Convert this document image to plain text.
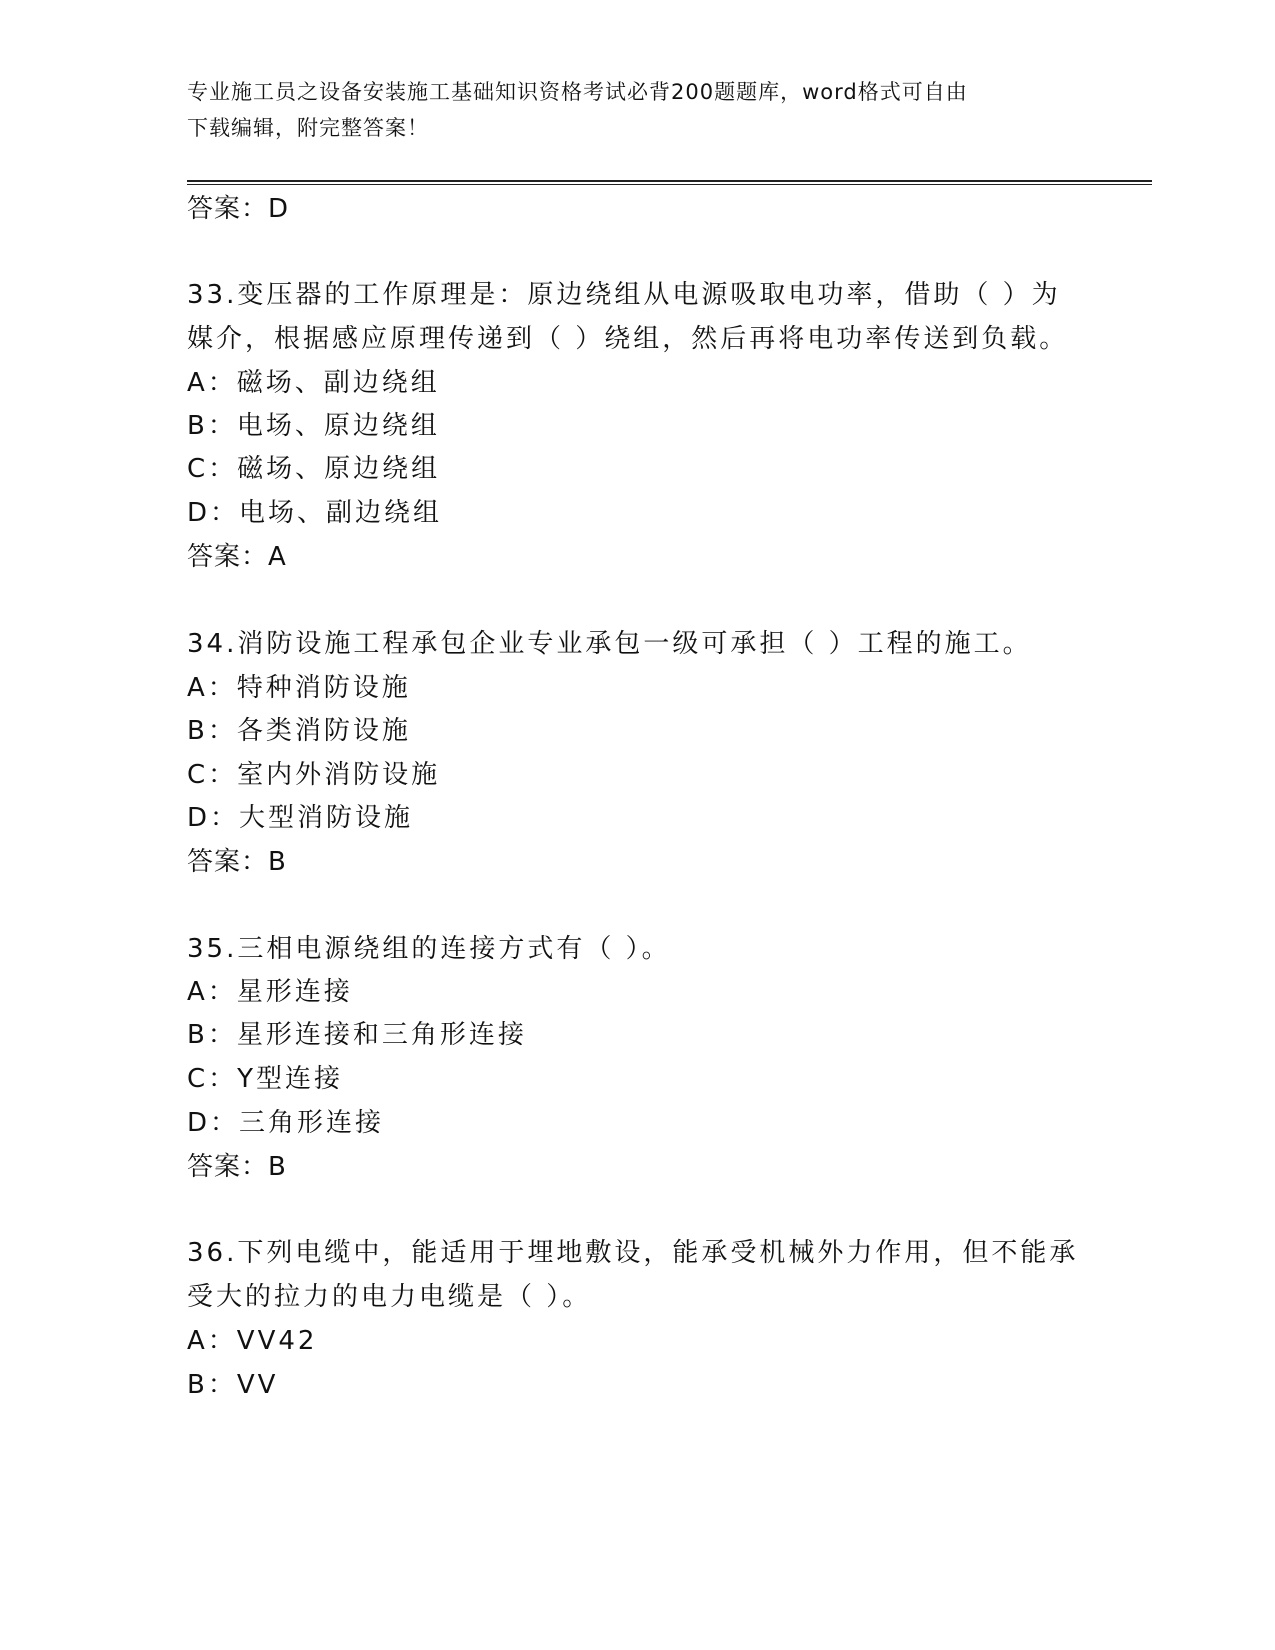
专业施工员之设备安装施工基础知识资格考试必背200题题库，word格式可自由
下载编辑，附完整答案！

答案：D

33.变压器的工作原理是：原边绕组从电源吸取电功率，借助（ ）为

媒介，根据感应原理传递到（ ）绕组，然后再将电功率传送到负载。

A：磁场、副边绕组

B：电场、原边绕组

C：磁场、原边绕组

D：电场、副边绕组

答案：A

34.消防设施工程承包企业专业承包一级可承担（ ）工程的施工。

A：特种消防设施

B：各类消防设施

C：室内外消防设施

D：大型消防设施

答案：B

35.三相电源绕组的连接方式有（ ）。

A：星形连接

B：星形连接和三角形连接

C：Y型连接

D：三角形连接

答案：B

36.下列电缆中，能适用于埋地敷设，能承受机械外力作用，但不能承

受大的拉力的电力电缆是（ ）。

A：VV42

B：VV
